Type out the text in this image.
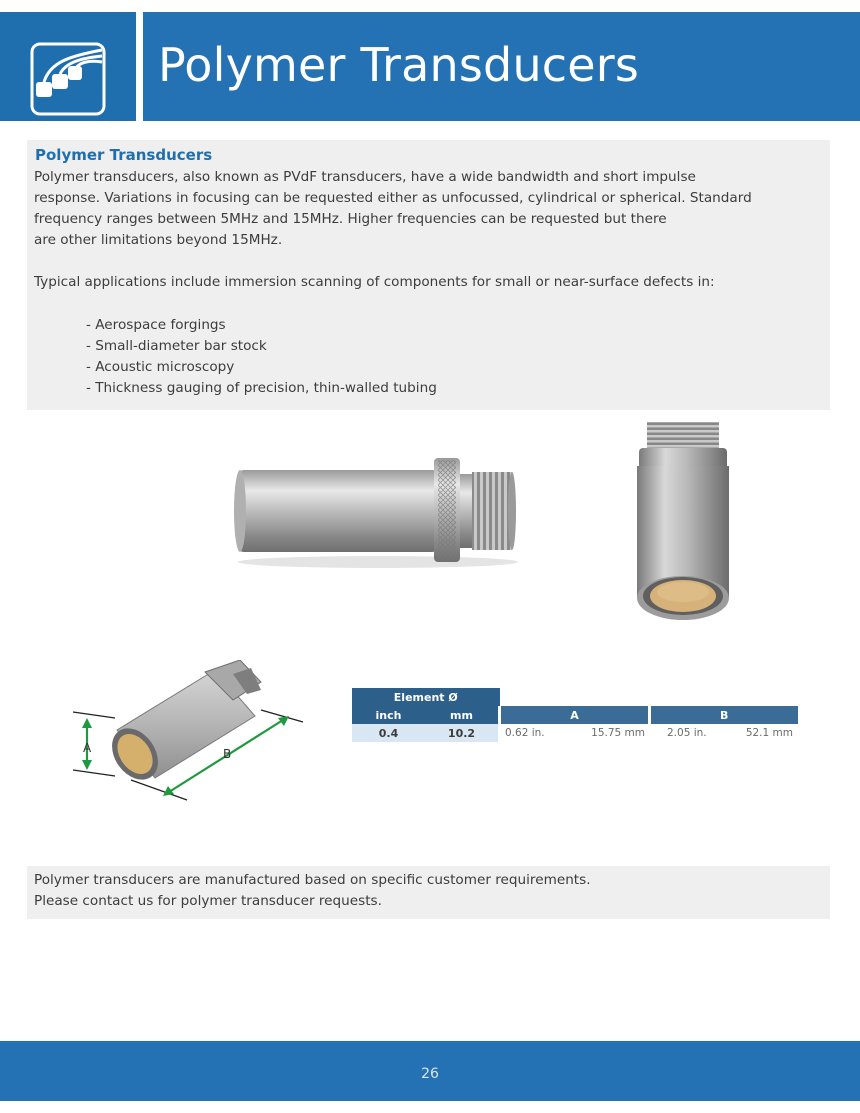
Polymer Transducers
Polymer Transducers
Polymer transducers, also known as PVdF transducers, have a wide bandwidth and short impulse
response. Variations in focusing can be requested either as unfocussed, cylindrical or spherical. Standard
frequency ranges between 5MHz and 15MHz. Higher frequencies can be requested but there
are other limitations beyond 15MHz.
Typical applications include immersion scanning of components for small or near-surface defects in:
- Aerospace forgings
- Small-diameter bar stock
- Acoustic microscopy
- Thickness gauging of precision, thin-walled tubing
A	B
Element Ø			
inch	mm	A	B
0.4	10.2	0.62 in. 15.75 mm	2.05 in. 52.1 mm
Polymer transducers are manufactured based on specific customer requirements.
Please contact us for polymer transducer requests.
26
